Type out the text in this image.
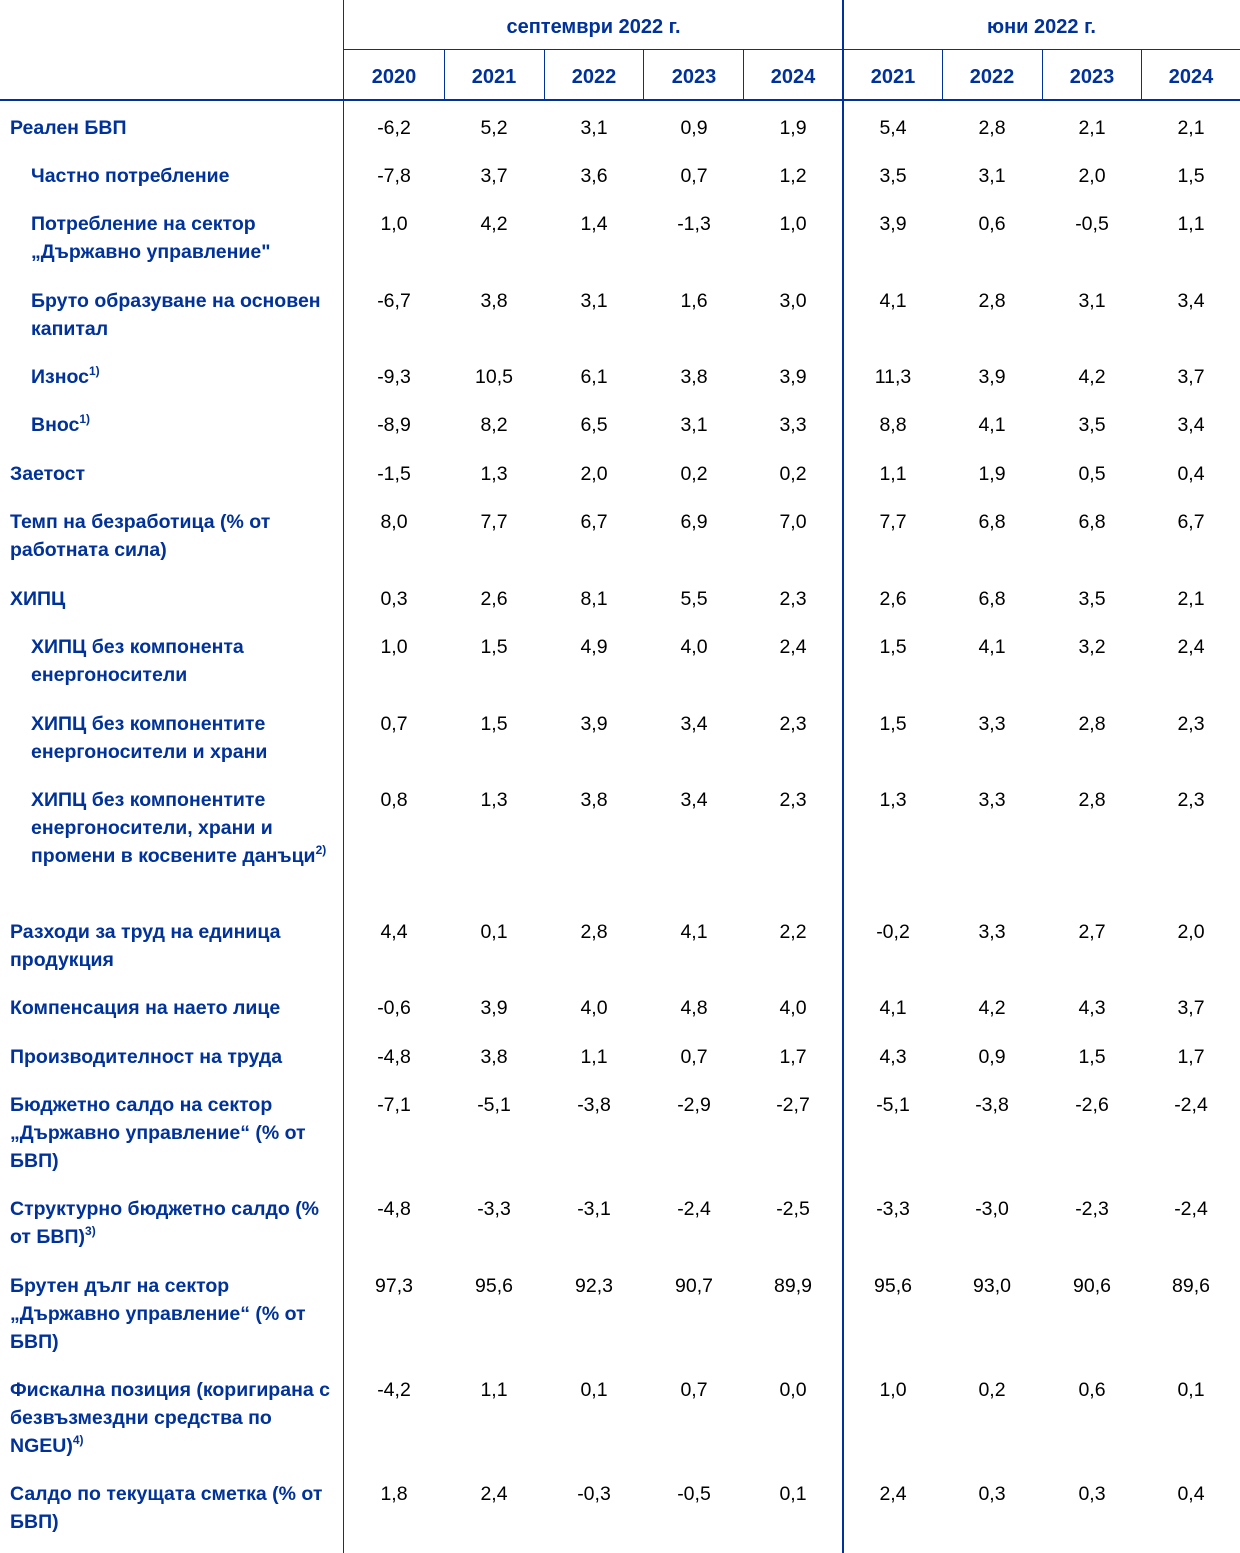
септември 2022 г.	юни 2022 г.
2020	2021	2022	2023	2024	2021	2022	2023	2024
Реален БВП	-6,2	5,2	3,1	0,9	1,9	5,4	2,8	2,1	2,1
Частно потребление	-7,8	3,7	3,6	0,7	1,2	3,5	3,1	2,0	1,5
Потребление на сектор „Държавно управление"
1,0	4,2	1,4	-1,3	1,0	3,9	0,6	-0,5	1,1
Бруто образуване на основен капитал
-6,7	3,8	3,1	1,6	3,0	4,1	2,8	3,1	3,4
Износ$^{1)}$	-9,3	10,5	6,1	3,8	3,9	11,3	3,9	4,2	3,7
Внос$^{1)}$	-8,9	8,2	6,5	3,1	3,3	8,8	4,1	3,5	3,4
Заетост	-1,5	1,3	2,0	0,2	0,2	1,1	1,9	0,5	0,4
Темп на безработица (% от работната сила)
8,0	7,7	6,7	6,9	7,0	7,7	6,8	6,8	6,7
ХИПЦ	0,3	2,6	8,1	5,5	2,3	2,6	6,8	3,5	2,1
ХИПЦ без компонента енергоносители
1,0	1,5	4,9	4,0	2,4	1,5	4,1	3,2	2,4
ХИПЦ без компонентите енергоносители и храни
0,7	1,5	3,9	3,4	2,3	1,5	3,3	2,8	2,3
ХИПЦ без компонентите енергоносители, храни и промени в косвените данъци$^{2)}$
0,8	1,3	3,8	3,4	2,3	1,3	3,3	2,8	2,3
Разходи за труд на единица продукция
4,4	0,1	2,8	4,1	2,2	-0,2	3,3	2,7	2,0
Компенсация на наето лице	-0,6	3,9	4,0	4,8	4,0	4,1	4,2	4,3	3,7
Производителност на труда	-4,8	3,8	1,1	0,7	1,7	4,3	0,9	1,5	1,7
Бюджетно салдо на сектор „Държавно управление“ (% от БВП)
-7,1	-5,1	-3,8	-2,9	-2,7	-5,1	-3,8	-2,6	-2,4
Структурно бюджетно салдо (% от БВП)$^{3)}$
-4,8	-3,3	-3,1	-2,4	-2,5	-3,3	-3,0	-2,3	-2,4
Брутен дълг на сектор „Държавно управление“ (% от БВП)
97,3	95,6	92,3	90,7	89,9	95,6	93,0	90,6	89,6
Фискална позиция (коригирана с безвъзмездни средства по NGEU)$^{4)}$
-4,2	1,1	0,1	0,7	0,0	1,0	0,2	0,6	0,1
Салдо по текущата сметка (% от БВП)
1,8	2,4	-0,3	-0,5	0,1	2,4	0,3	0,3	0,4
